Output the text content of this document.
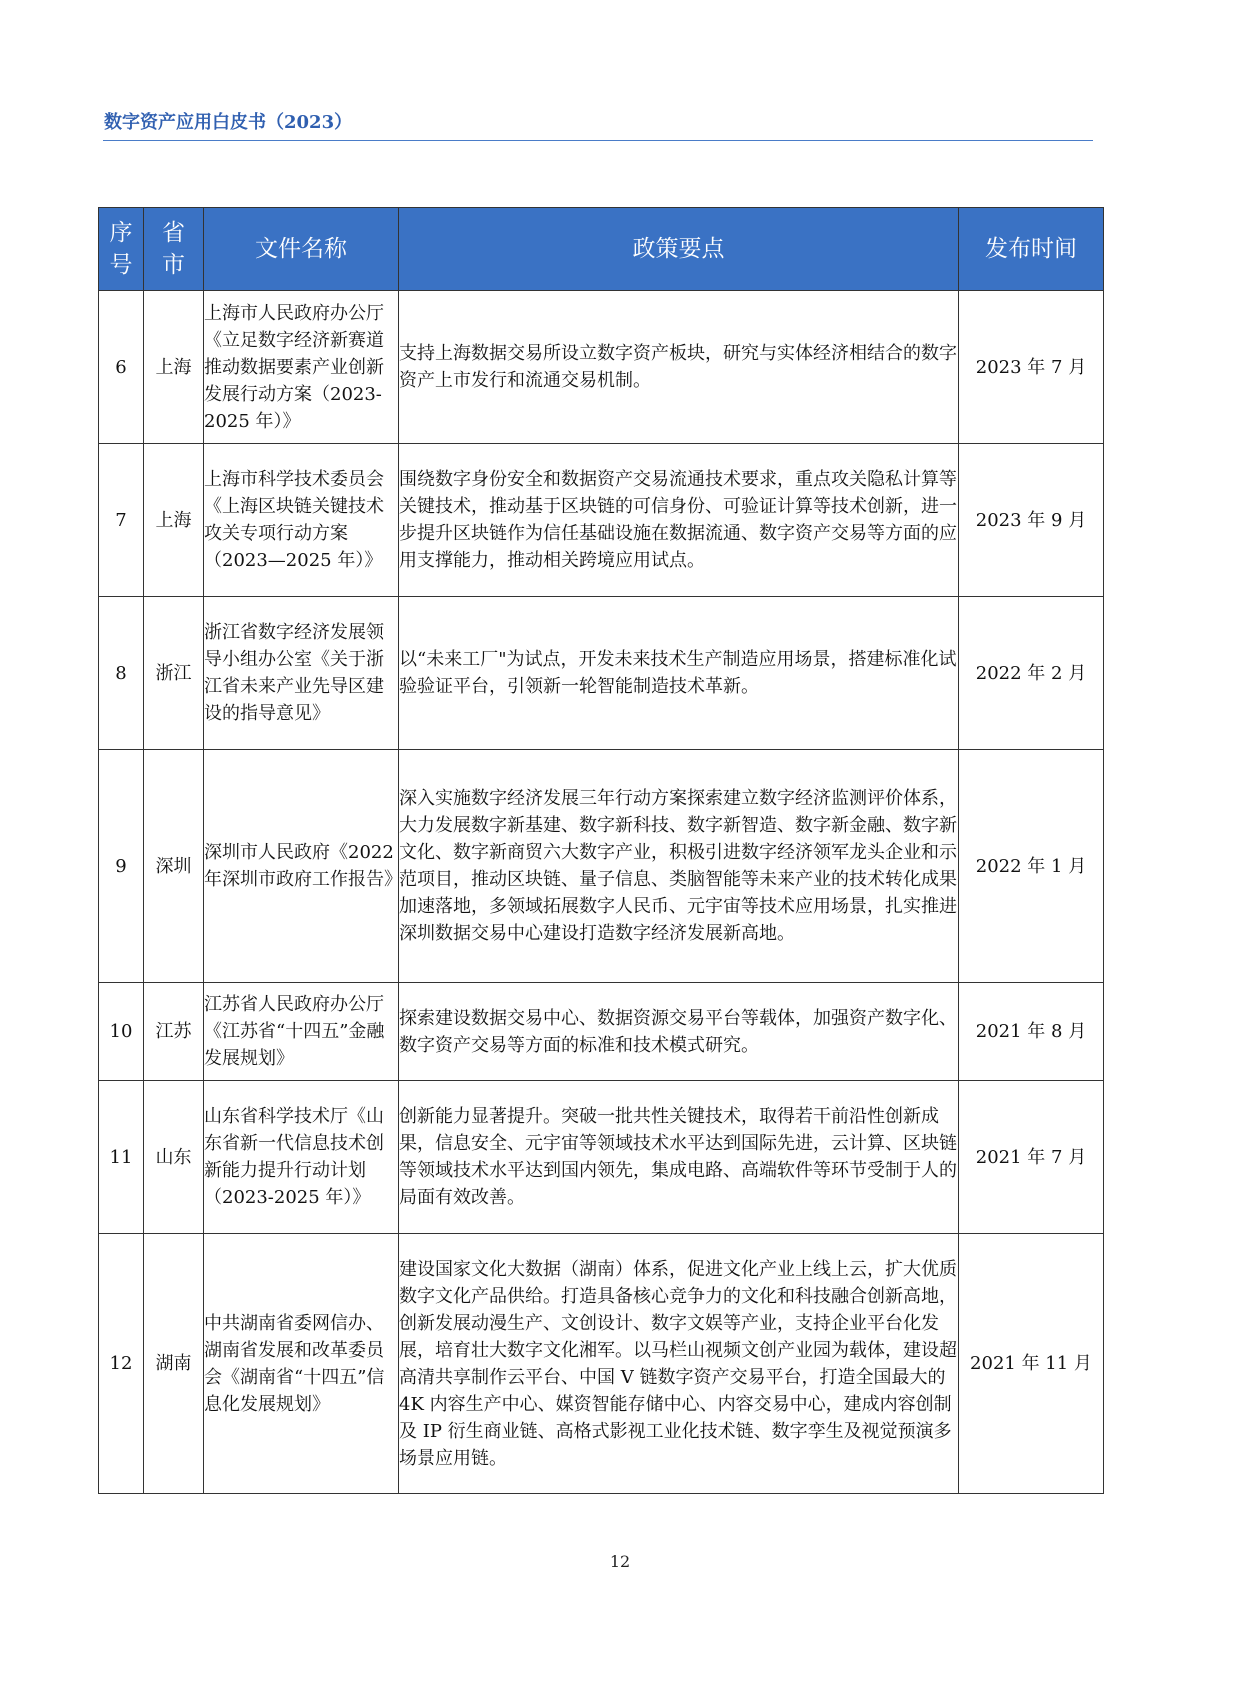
数字资产应用白皮书（2023）
序号	省市	文件名称	政策要点	发布时间
6	上海	上海市人民政府办公厅《立足数字经济新赛道推动数据要素产业创新发展行动方案（2023-2025 年）》	支持上海数据交易所设立数字资产板块，研究与实体经济相结合的数字资产上市发行和流通交易机制。	2023 年 7 月
7	上海	上海市科学技术委员会《上海区块链关键技术攻关专项行动方案（2023—2025 年）》	围绕数字身份安全和数据资产交易流通技术要求，重点攻关隐私计算等关键技术，推动基于区块链的可信身份、可验证计算等技术创新，进一步提升区块链作为信任基础设施在数据流通、数字资产交易等方面的应用支撑能力，推动相关跨境应用试点。	2023 年 9 月
8	浙江	浙江省数字经济发展领导小组办公室《关于浙江省未来产业先导区建设的指导意见》	以“未来工厂"为试点，开发未来技术生产制造应用场景，搭建标准化试验验证平台，引领新一轮智能制造技术革新。	2022 年 2 月
9	深圳	深圳市人民政府《2022 年深圳市政府工作报告》	深入实施数字经济发展三年行动方案探索建立数字经济监测评价体系，大力发展数字新基建、数字新科技、数字新智造、数字新金融、数字新文化、数字新商贸六大数字产业，积极引进数字经济领军龙头企业和示范项目，推动区块链、量子信息、类脑智能等未来产业的技术转化成果加速落地，多领域拓展数字人民币、元宇宙等技术应用场景，扎实推进深圳数据交易中心建设打造数字经济发展新高地。	2022 年 1 月
10	江苏	江苏省人民政府办公厅《江苏省“十四五”金融发展规划》	探索建设数据交易中心、数据资源交易平台等载体，加强资产数字化、数字资产交易等方面的标准和技术模式研究。	2021 年 8 月
11	山东	山东省科学技术厅《山东省新一代信息技术创新能力提升行动计划（2023-2025 年）》	创新能力显著提升。突破一批共性关键技术，取得若干前沿性创新成果，信息安全、元宇宙等领域技术水平达到国际先进，云计算、区块链等领域技术水平达到国内领先，集成电路、高端软件等环节受制于人的局面有效改善。	2021 年 7 月
12	湖南	中共湖南省委网信办、湖南省发展和改革委员会《湖南省“十四五”信息化发展规划》	建设国家文化大数据（湖南）体系，促进文化产业上线上云，扩大优质数字文化产品供给。打造具备核心竞争力的文化和科技融合创新高地，创新发展动漫生产、文创设计、数字文娱等产业，支持企业平台化发展，培育壮大数字文化湘军。以马栏山视频文创产业园为载体，建设超高清共享制作云平台、中国 V 链数字资产交易平台，打造全国最大的 4K 内容生产中心、媒资智能存储中心、内容交易中心，建成内容创制及 IP 衍生商业链、高格式影视工业化技术链、数字孪生及视觉预演多场景应用链。	2021 年 11 月
12
